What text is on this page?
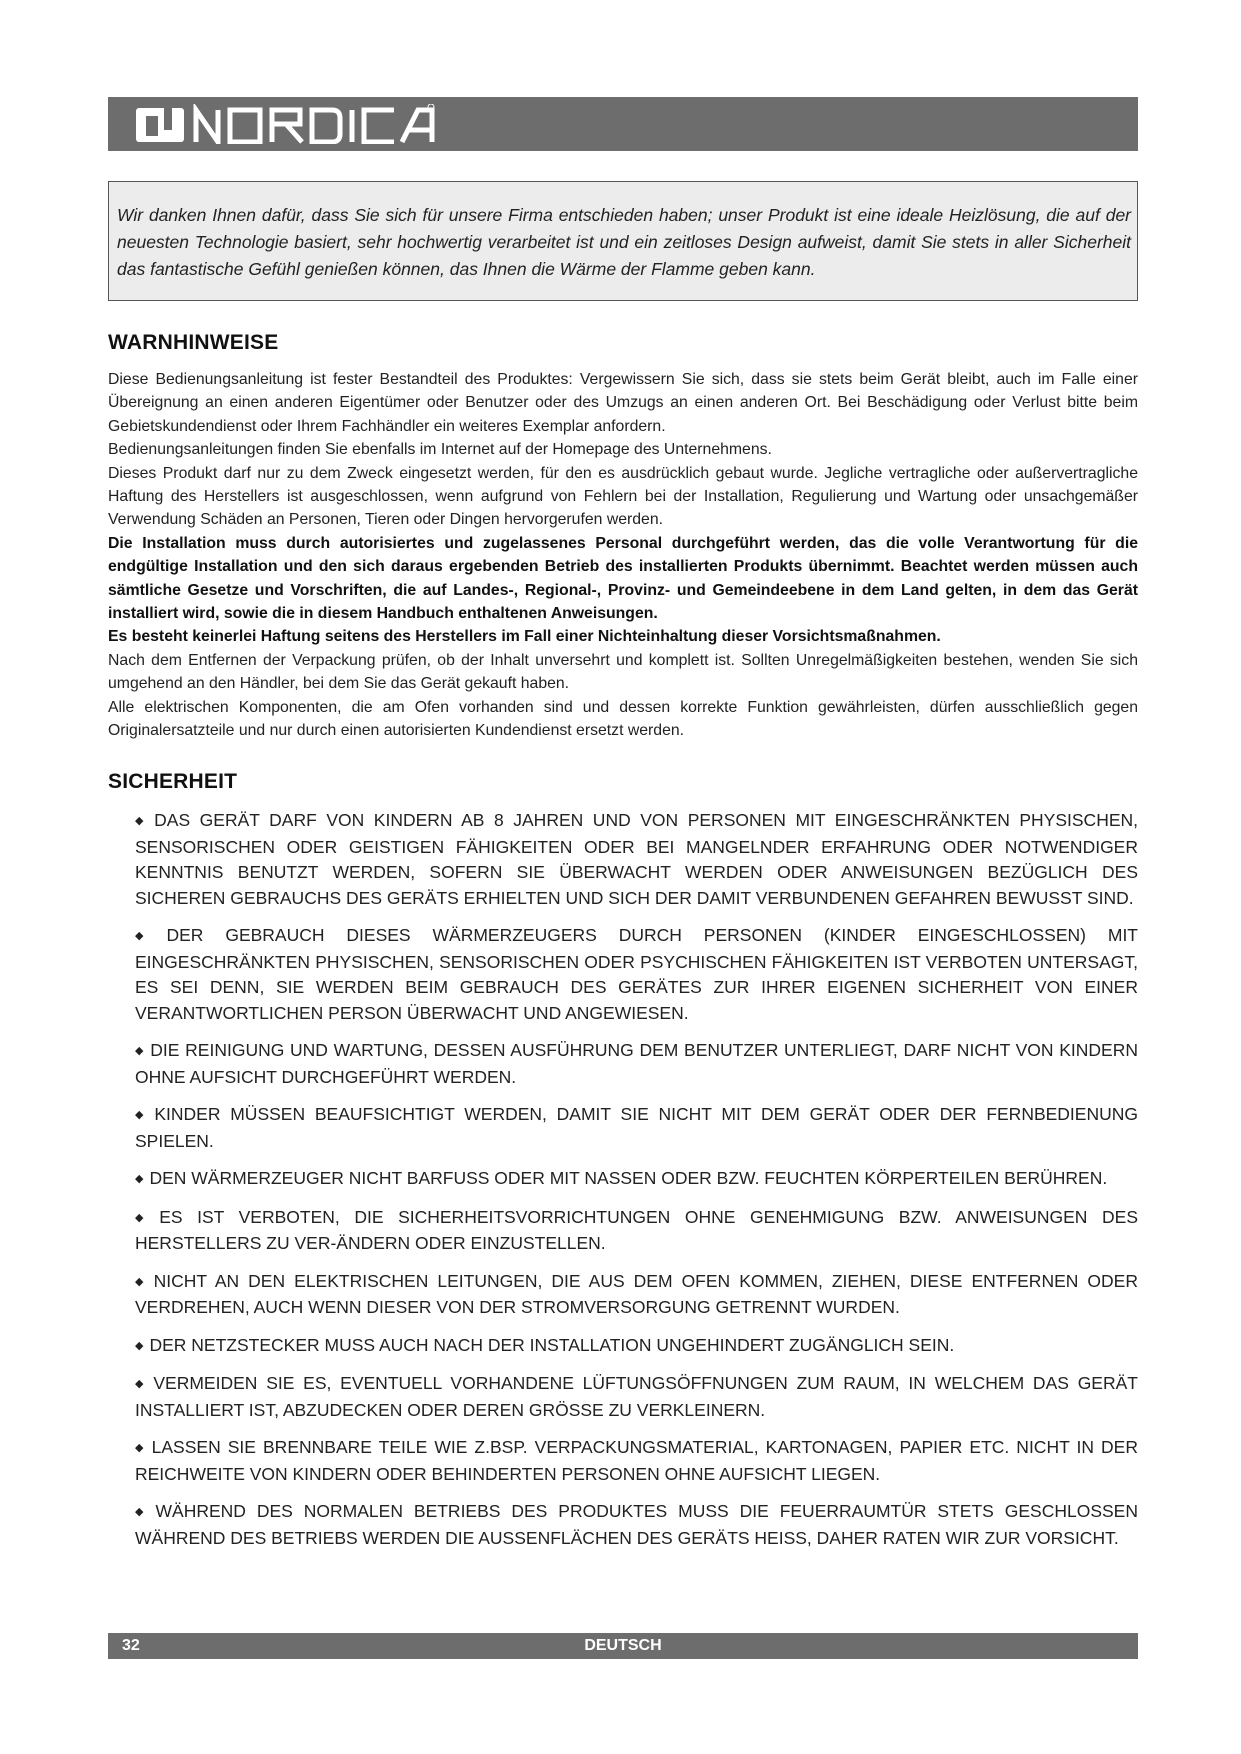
Wir danken Ihnen dafür, dass Sie sich für unsere Firma entschieden haben; unser Produkt ist eine ideale Heizlösung, die auf der neuesten Technologie basiert, sehr hochwertig verarbeitet ist und ein zeitloses Design aufweist, damit Sie stets in aller Sicherheit das fantastische Gefühl genießen können, das Ihnen die Wärme der Flamme geben kann.
WARNHINWEISE

Diese Bedienungsanleitung ist fester Bestandteil des Produktes: Vergewissern Sie sich, dass sie stets beim Gerät bleibt, auch im Falle einer Übereignung an einen anderen Eigentümer oder Benutzer oder des Umzugs an einen anderen Ort. Bei Beschädigung oder Verlust bitte beim Gebietskundendienst oder Ihrem Fachhändler ein weiteres Exemplar anfordern.

Bedienungsanleitungen finden Sie ebenfalls im Internet auf der Homepage des Unternehmens.

Dieses Produkt darf nur zu dem Zweck eingesetzt werden, für den es ausdrücklich gebaut wurde. Jegliche vertragliche oder außervertragliche Haftung des Herstellers ist ausgeschlossen, wenn aufgrund von Fehlern bei der Installation, Regulierung und Wartung oder unsachgemäßer Verwendung Schäden an Personen, Tieren oder Dingen hervorgerufen werden.

Die Installation muss durch autorisiertes und zugelassenes Personal durchgeführt werden, das die volle Verantwortung für die endgültige Installation und den sich daraus ergebenden Betrieb des installierten Produkts übernimmt. Beachtet werden müssen auch sämtliche Gesetze und Vorschriften, die auf Landes-, Regional-, Provinz- und Gemeindeebene in dem Land gelten, in dem das Gerät installiert wird, sowie die in diesem Handbuch enthaltenen Anweisungen.

Es besteht keinerlei Haftung seitens des Herstellers im Fall einer Nichteinhaltung dieser Vorsichtsmaßnahmen.

Nach dem Entfernen der Verpackung prüfen, ob der Inhalt unversehrt und komplett ist. Sollten Unregelmäßigkeiten bestehen, wenden Sie sich umgehend an den Händler, bei dem Sie das Gerät gekauft haben.

Alle elektrischen Komponenten, die am Ofen vorhanden sind und dessen korrekte Funktion gewährleisten, dürfen ausschließlich gegen Originalersatzteile und nur durch einen autorisierten Kundendienst ersetzt werden.

SICHERHEIT
◆ DAS GERÄT DARF VON KINDERN AB 8 JAHREN UND VON PERSONEN MIT EINGESCHRÄNKTEN PHYSISCHEN, SENSORISCHEN ODER GEISTIGEN FÄHIGKEITEN ODER BEI MANGELNDER ERFAHRUNG ODER NOTWENDIGER KENNTNIS BENUTZT WERDEN, SOFERN SIE ÜBERWACHT WERDEN ODER ANWEISUNGEN BEZÜGLICH DES SICHEREN GEBRAUCHS DES GERÄTS ERHIELTEN UND SICH DER DAMIT VERBUNDENEN GEFAHREN BEWUSST SIND.
◆ DER GEBRAUCH DIESES WÄRMERZEUGERS DURCH PERSONEN (KINDER EINGESCHLOSSEN) MIT EINGESCHRÄNKTEN PHYSISCHEN, SENSORISCHEN ODER PSYCHISCHEN FÄHIGKEITEN IST VERBOTEN UNTERSAGT, ES SEI DENN, SIE WERDEN BEIM GEBRAUCH DES GERÄTES ZUR IHRER EIGENEN SICHERHEIT VON EINER VERANTWORTLICHEN PERSON ÜBERWACHT UND ANGEWIESEN.
◆ DIE REINIGUNG UND WARTUNG, DESSEN AUSFÜHRUNG DEM BENUTZER UNTERLIEGT, DARF NICHT VON KINDERN OHNE AUFSICHT DURCHGEFÜHRT WERDEN.
◆ KINDER MÜSSEN BEAUFSICHTIGT WERDEN, DAMIT SIE NICHT MIT DEM GERÄT ODER DER FERNBEDIENUNG SPIELEN.
◆ DEN WÄRMERZEUGER NICHT BARFUSS ODER MIT NASSEN ODER BZW. FEUCHTEN KÖRPERTEILEN BERÜHREN.
◆ ES IST VERBOTEN, DIE SICHERHEITSVORRICHTUNGEN OHNE GENEHMIGUNG BZW. ANWEISUNGEN DES HERSTELLERS ZU VER-ÄNDERN ODER EINZUSTELLEN.
◆ NICHT AN DEN ELEKTRISCHEN LEITUNGEN, DIE AUS DEM OFEN KOMMEN, ZIEHEN, DIESE ENTFERNEN ODER VERDREHEN, AUCH WENN DIESER VON DER STROMVERSORGUNG GETRENNT WURDEN.
◆ DER NETZSTECKER MUSS AUCH NACH DER INSTALLATION UNGEHINDERT ZUGÄNGLICH SEIN.
◆ VERMEIDEN SIE ES, EVENTUELL VORHANDENE LÜFTUNGSÖFFNUNGEN ZUM RAUM, IN WELCHEM DAS GERÄT INSTALLIERT IST, ABZUDECKEN ODER DEREN GRÖSSE ZU VERKLEINERN.
◆ LASSEN SIE BRENNBARE TEILE WIE Z.BSP. VERPACKUNGSMATERIAL, KARTONAGEN, PAPIER ETC. NICHT IN DER REICHWEITE VON KINDERN ODER BEHINDERTEN PERSONEN OHNE AUFSICHT LIEGEN.
◆ WÄHREND DES NORMALEN BETRIEBS DES PRODUKTES MUSS DIE FEUERRAUMTÜR STETS GESCHLOSSEN WÄHREND DES BETRIEBS WERDEN DIE AUSSENFLÄCHEN DES GERÄTS HEISS, DAHER RATEN WIR ZUR VORSICHT.
32	DEUTSCH
